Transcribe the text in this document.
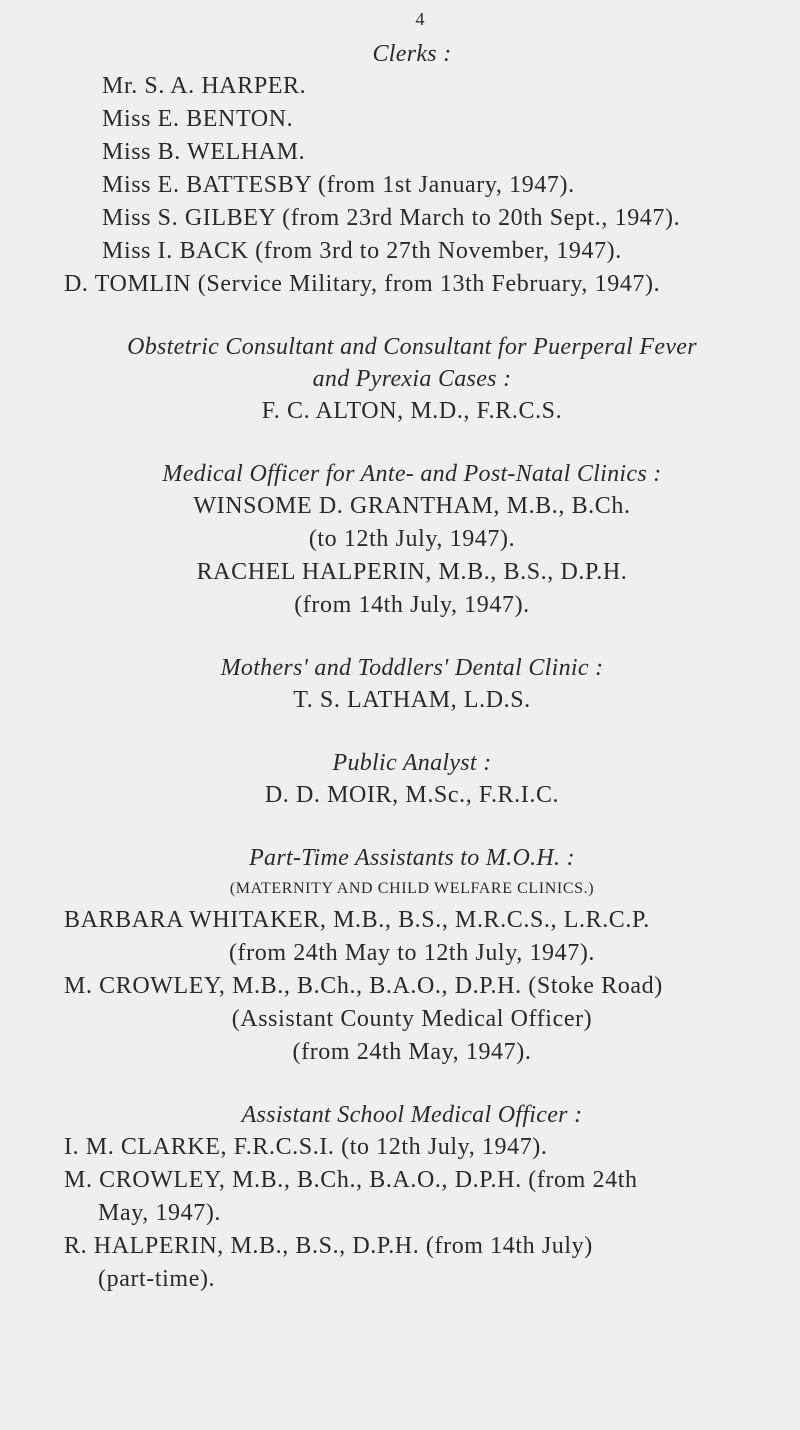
4

Clerks :

Mr. S. A. HARPER.

Miss E. BENTON.

Miss B. WELHAM.

Miss E. BATTESBY (from 1st January, 1947).

Miss S. GILBEY (from 23rd March to 20th Sept., 1947).

Miss I. BACK (from 3rd to 27th November, 1947).

D. TOMLIN (Service Military, from 13th February, 1947).

Obstetric Consultant and Consultant for Puerperal Fever

and Pyrexia Cases :

F. C. ALTON, M.D., F.R.C.S.

Medical Officer for Ante- and Post-Natal Clinics :

WINSOME D. GRANTHAM, M.B., B.Ch.

(to 12th July, 1947).

RACHEL HALPERIN, M.B., B.S., D.P.H.

(from 14th July, 1947).

Mothers' and Toddlers' Dental Clinic :

T. S. LATHAM, L.D.S.

Public Analyst :

D. D. MOIR, M.Sc., F.R.I.C.

Part-Time Assistants to M.O.H. :

(MATERNITY AND CHILD WELFARE CLINICS.)

BARBARA WHITAKER, M.B., B.S., M.R.C.S., L.R.C.P.

(from 24th May to 12th July, 1947).

M. CROWLEY, M.B., B.Ch., B.A.O., D.P.H. (Stoke Road)

(Assistant County Medical Officer)

(from 24th May, 1947).

Assistant School Medical Officer :

I. M. CLARKE, F.R.C.S.I. (to 12th July, 1947).

M. CROWLEY, M.B., B.Ch., B.A.O., D.P.H. (from 24th

May, 1947).

R. HALPERIN, M.B., B.S., D.P.H. (from 14th July)

(part-time).
